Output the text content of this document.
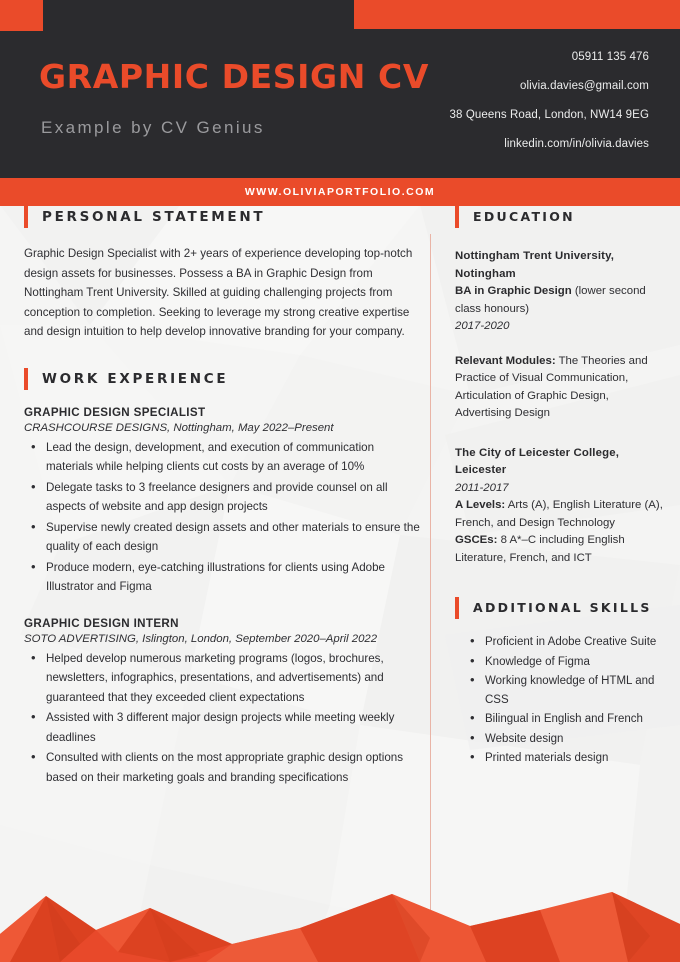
GRAPHIC DESIGN CV
Example by CV Genius
05911 135 476
olivia.davies@gmail.com
38 Queens Road, London, NW14 9EG
linkedin.com/in/olivia.davies
WWW.OLIVIAPORTFOLIO.COM
PERSONAL STATEMENT

Graphic Design Specialist with 2+ years of experience developing top-notch design assets for businesses. Possess a BA in Graphic Design from Nottingham Trent University. Skilled at guiding challenging projects from conception to completion. Seeking to leverage my strong creative expertise and design intuition to help develop innovative branding for your company.

WORK EXPERIENCE
GRAPHIC DESIGN SPECIALIST
CRASHCOURSE DESIGNS, Nottingham, May 2022–Present
• Lead the design, development, and execution of communication materials while helping clients cut costs by an average of 10%
• Delegate tasks to 3 freelance designers and provide counsel on all aspects of website and app design projects
• Supervise newly created design assets and other materials to ensure the quality of each design
• Produce modern, eye-catching illustrations for clients using Adobe Illustrator and Figma
GRAPHIC DESIGN INTERN
SOTO ADVERTISING, Islington, London, September 2020–April 2022
• Helped develop numerous marketing programs (logos, brochures, newsletters, infographics, presentations, and advertisements) and guaranteed that they exceeded client expectations
• Assisted with 3 different major design projects while meeting weekly deadlines
• Consulted with clients on the most appropriate graphic design options based on their marketing goals and branding specifications
EDUCATION
Nottingham Trent University, Notingham
BA in Graphic Design (lower second class honours)
2017-2020
Relevant Modules: The Theories and Practice of Visual Communication, Articulation of Graphic Design, Advertising Design
The City of Leicester College, Leicester
2011-2017
A Levels: Arts (A), English Literature (A), French, and Design Technology
GSCEs: 8 A*–C including English Literature, French, and ICT
ADDITIONAL SKILLS
• Proficient in Adobe Creative Suite
• Knowledge of Figma
• Working knowledge of HTML and CSS
• Bilingual in English and French
• Website design
• Printed materials design
